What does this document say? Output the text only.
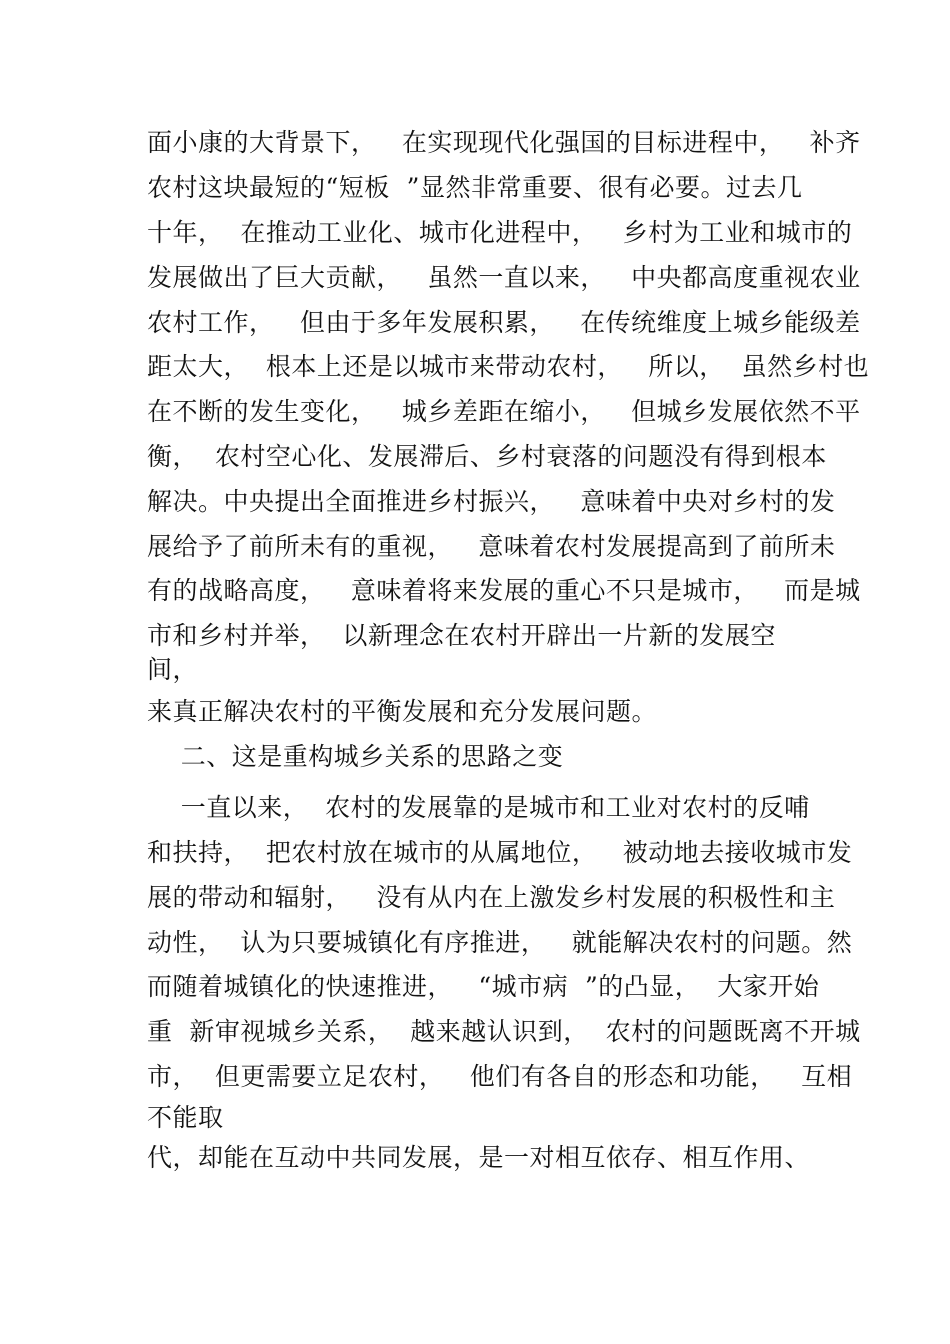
面小康的大背景下，   在实现现代化强国的目标进程中，   补齐
农村这块最短的“短板  ”显然非常重要、很有必要。过去几
十年，  在推动工业化、城市化进程中，   乡村为工业和城市的
发展做出了巨大贡献，   虽然一直以来，   中央都高度重视农业
农村工作，   但由于多年发展积累，   在传统维度上城乡能级差
距太大，  根本上还是以城市来带动农村，   所以，  虽然乡村也
在不断的发生变化，   城乡差距在缩小，   但城乡发展依然不平
衡，  农村空心化、发展滞后、乡村衰落的问题没有得到根本
解决。中央提出全面推进乡村振兴，   意味着中央对乡村的发
展给予了前所未有的重视，   意味着农村发展提高到了前所未
有的战略高度，   意味着将来发展的重心不只是城市，   而是城
市和乡村并举，  以新理念在农村开辟出一片新的发展空
间，
来真正解决农村的平衡发展和充分发展问题。
二、这是重构城乡关系的思路之变
一直以来，  农村的发展靠的是城市和工业对农村的反哺
和扶持，  把农村放在城市的从属地位，   被动地去接收城市发
展的带动和辐射，   没有从内在上激发乡村发展的积极性和主
动性，  认为只要城镇化有序推进，   就能解决农村的问题。然
而随着城镇化的快速推进，   “城市病  ”的凸显，  大家开始
重  新审视城乡关系，  越来越认识到，  农村的问题既离不开城
市，  但更需要立足农村，   他们有各自的形态和功能，   互相
不能取
代，却能在互动中共同发展，是一对相互依存、相互作用、
